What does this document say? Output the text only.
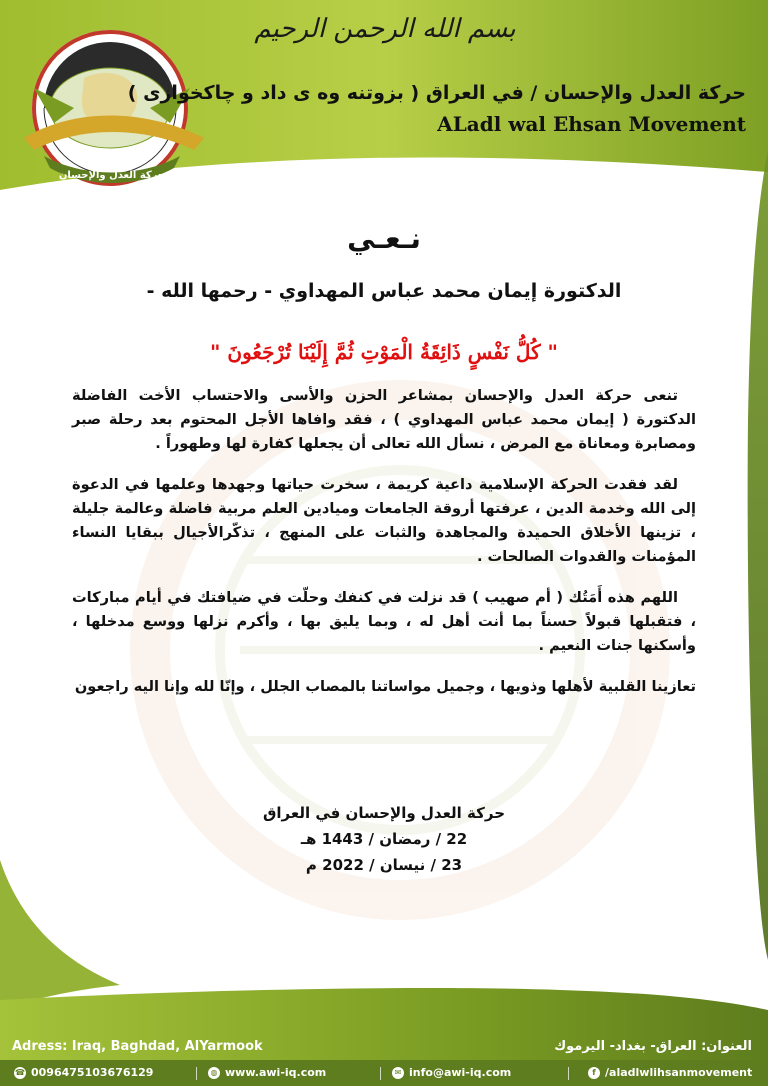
حركة العدل والإحسان
بسم الله الرحمن الرحيم
حركة العدل والإحسان / في العراق ( بزوتنه وه ى داد و چاكخوازى )
ALadl wal Ehsan Movement
نـعـي
الدكتورة إيمان محمد عباس المهداوي - رحمها الله -
" كُلُّ نَفْسٍ ذَائِقَةُ الْمَوْتِ ثُمَّ إِلَيْنَا تُرْجَعُونَ "

تنعى حركة العدل والإحسان بمشاعر الحزن والأسى والاحتساب الأخت الفاضلة الدكتورة ( إيمان محمد عباس المهداوي ) ، فقد وافاها الأجل المحتوم بعد رحلة صبر ومصابرة ومعاناة مع المرض ، نسأل الله تعالى أن يجعلها كفارة لها وطهوراً .

لقد فقدت الحركة الإسلامية داعية كريمة ، سخرت حياتها وجهدها وعلمها في الدعوة إلى الله وخدمة الدين ، عرفتها أروقة الجامعات وميادين العلم مربية فاضلة وعالمة جليلة ، تزينها الأخلاق الحميدة والمجاهدة والثبات على المنهج ، تذكّرالأجيال ببقايا النساء المؤمنات والقدوات الصالحات .

اللهم هذه أَمَتُك ( أم صهيب ) قد نزلت في كنفك وحلّت في ضيافتك في أيام مباركات ، فتقبلها قبولاً حسناً بما أنت أهل له ، وبما يليق بها ، وأكرم نزلها ووسع مدخلها ، وأسكنها جنات النعيم .

تعازينا القلبية لأهلها وذويها ، وجميل مواساتنا بالمصاب الجلل ، وإنّا لله وإنا اليه راجعون

حركة العدل والإحسان في العراق
22 / رمضان / 1443 هـ
23 / نيسان / 2022 م
Adress: Iraq, Baghdad, AlYarmook	العنوان: العراق- بغداد- اليرموك
☎ 009647510367612​9	◍ www.awi-iq.com	✉ info@awi-iq.com	f /aladlwlihsanmovement
